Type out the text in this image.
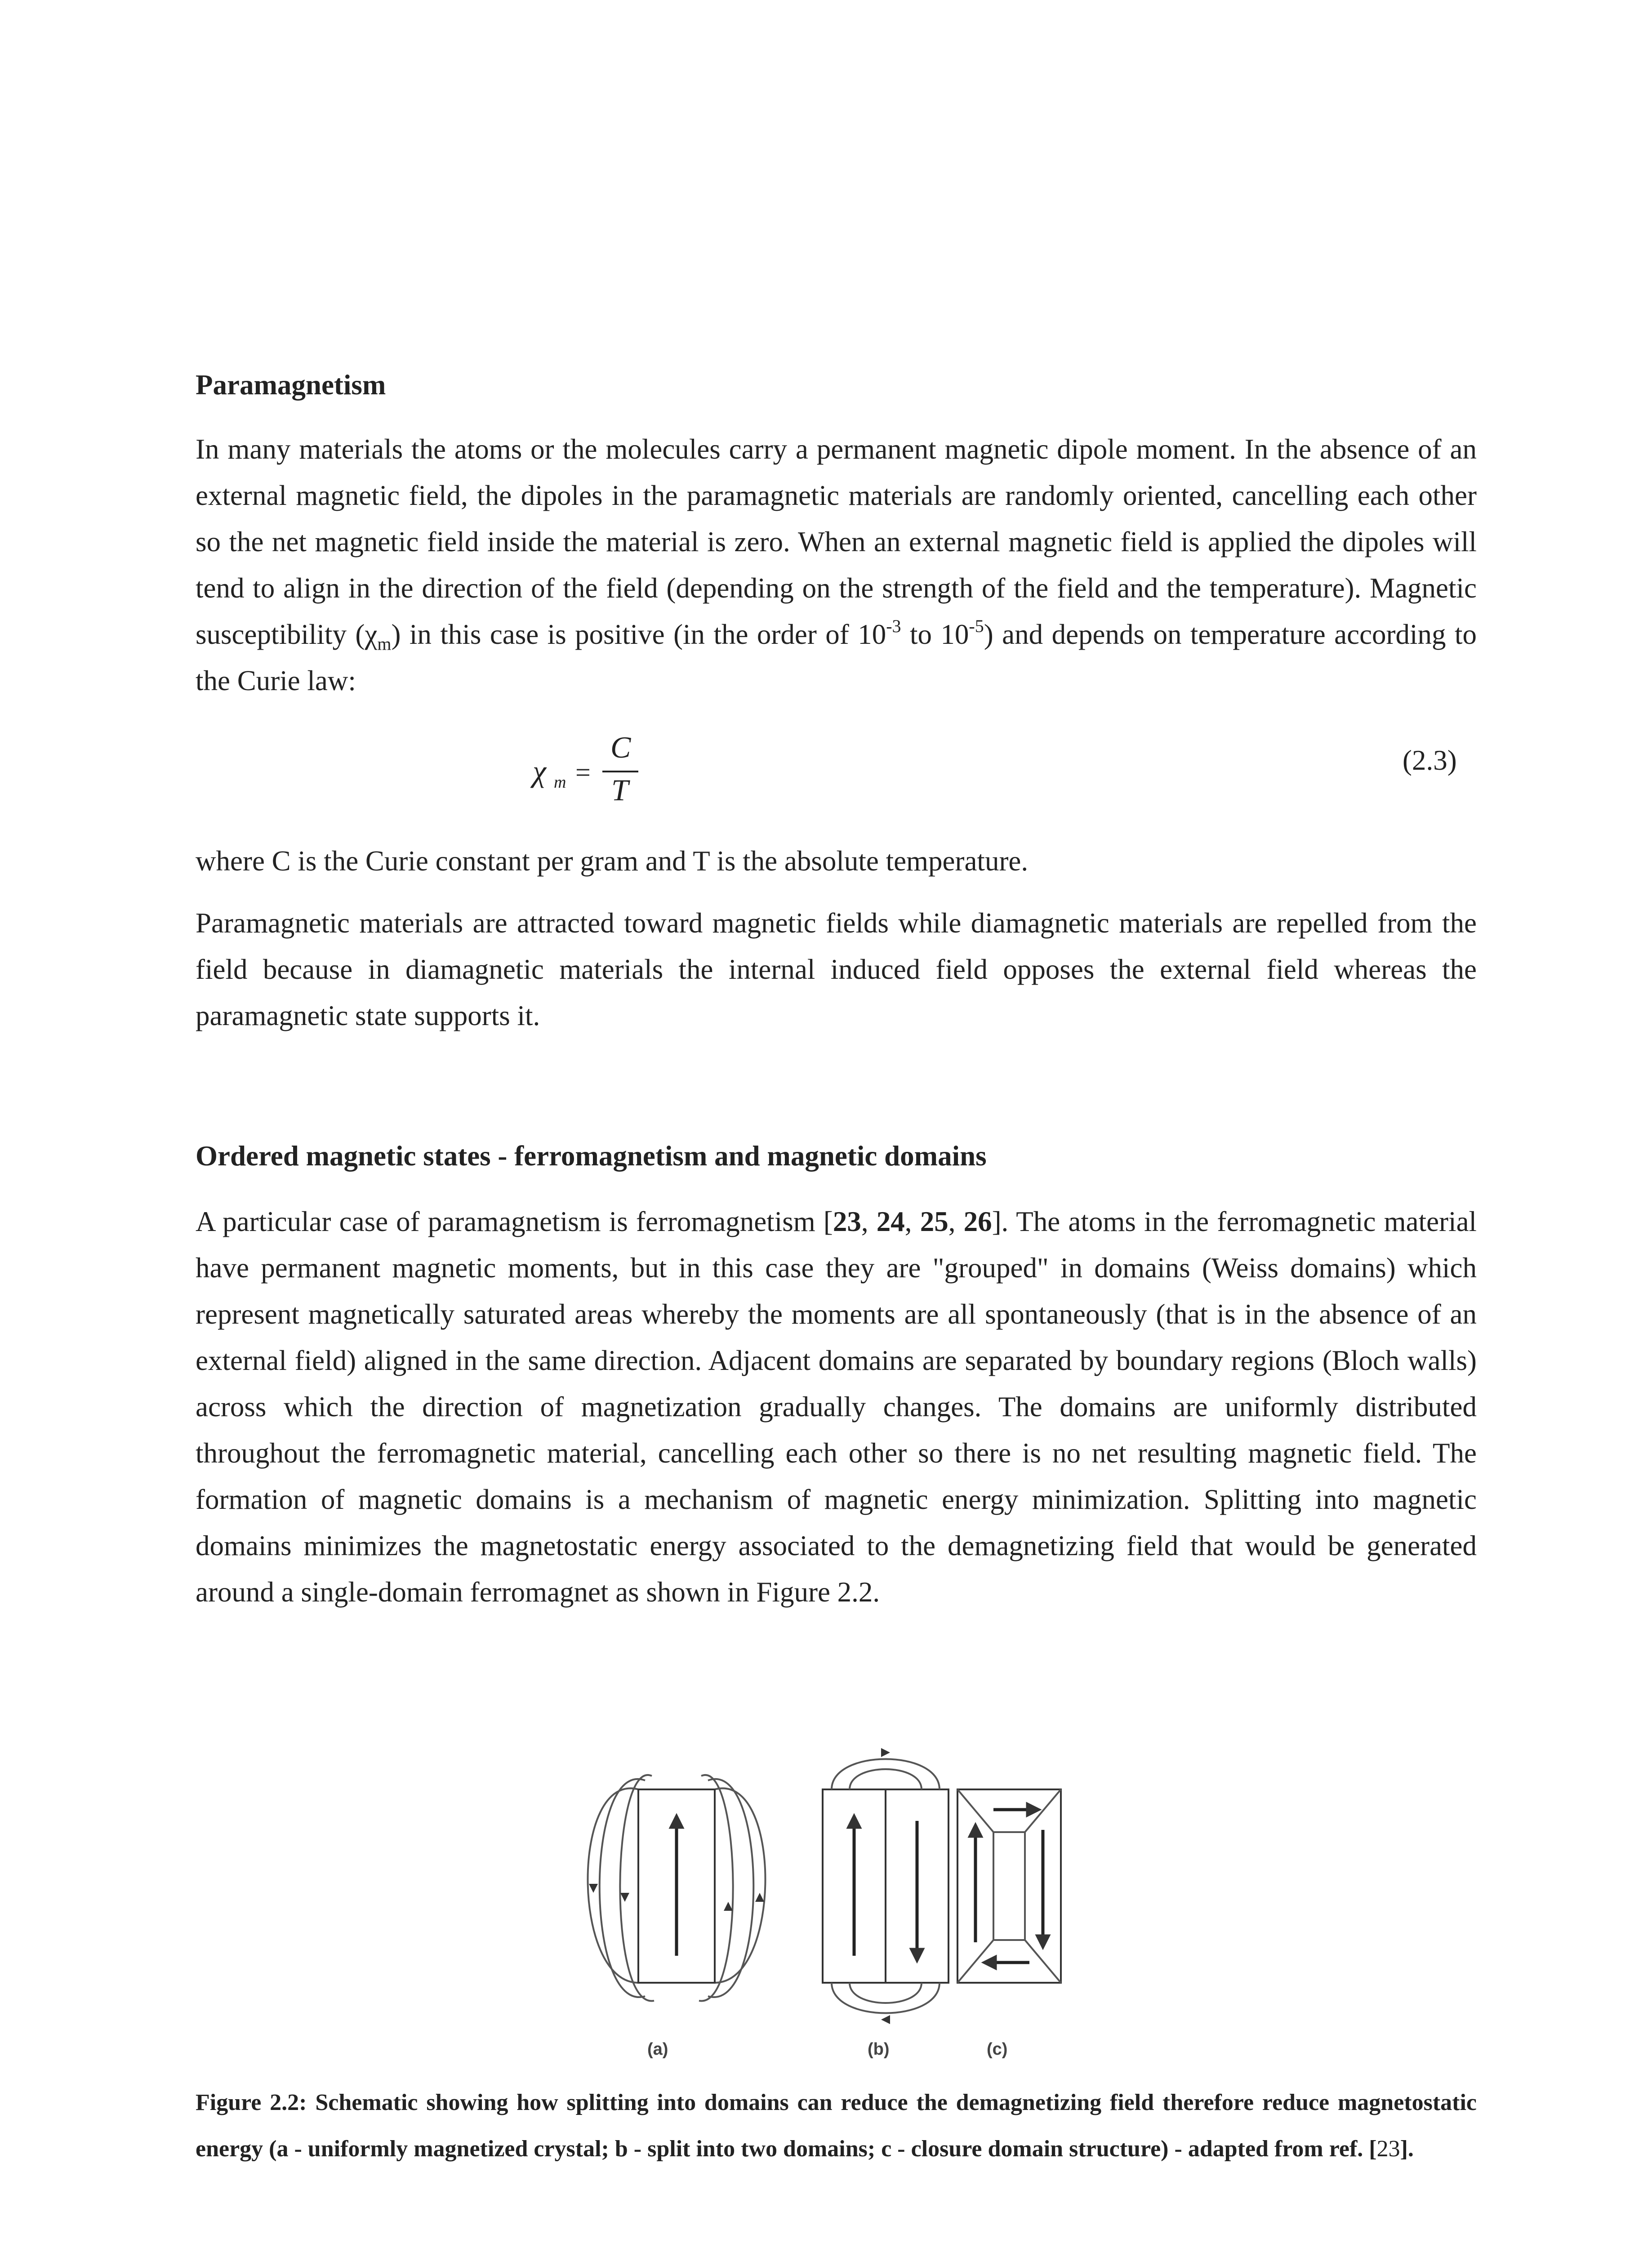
Paramagnetism

In many materials the atoms or the molecules carry a permanent magnetic dipole moment. In the absence of an external magnetic field, the dipoles in the paramagnetic materials are randomly oriented, cancelling each other so the net magnetic field inside the material is zero. When an external magnetic field is applied the dipoles will tend to align in the direction of the field (depending on the strength of the field and the temperature). Magnetic susceptibility $(\chi_m)$ in this case is positive (in the order of $10^{-3}$ to $10^{-5}$) and depends on temperature according to the Curie law:

χ m =
C
T
(2.3)

where C is the Curie constant per gram and T is the absolute temperature.

Paramagnetic materials are attracted toward magnetic fields while diamagnetic materials are repelled from the field because in diamagnetic materials the internal induced field opposes the external field whereas the paramagnetic state supports it.

Ordered magnetic states - ferromagnetism and magnetic domains

A particular case of paramagnetism is ferromagnetism [23, 24, 25, 26]. The atoms in the ferromagnetic material have permanent magnetic moments, but in this case they are "grouped" in domains (Weiss domains) which represent magnetically saturated areas whereby the moments are all spontaneously (that is in the absence of an external field) aligned in the same direction. Adjacent domains are separated by boundary regions (Bloch walls) across which the direction of magnetization gradually changes. The domains are uniformly distributed throughout the ferromagnetic material, cancelling each other so there is no net resulting magnetic field. The formation of magnetic domains is a mechanism of magnetic energy minimization. Splitting into magnetic domains minimizes the magnetostatic energy associated to the demagnetizing field that would be generated around a single-domain ferromagnet as shown in Figure 2.2.

(a)	(b)	(c)

Figure 2.2: Schematic showing how splitting into domains can reduce the demagnetizing field therefore reduce magnetostatic energy (a - uniformly magnetized crystal; b - split into two domains; c - closure domain structure) - adapted from ref. [23].
